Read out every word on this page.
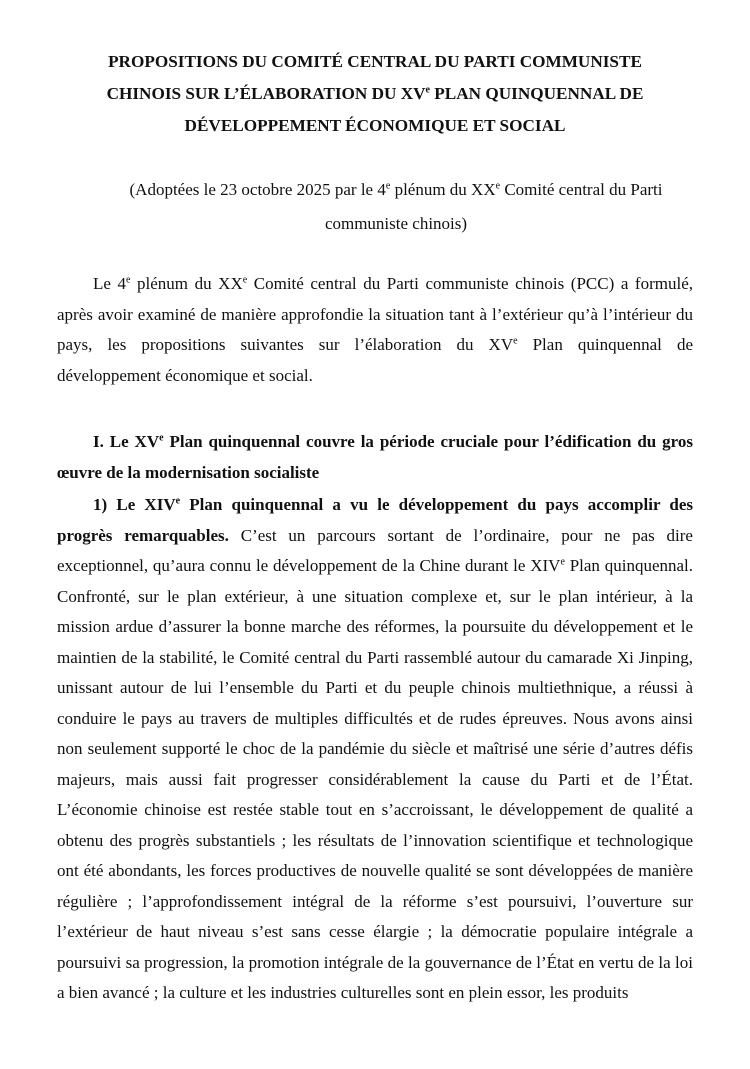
PROPOSITIONS DU COMITÉ CENTRAL DU PARTI COMMUNISTE CHINOIS SUR L’ÉLABORATION DU XVe PLAN QUINQUENNAL DE DÉVELOPPEMENT ÉCONOMIQUE ET SOCIAL

(Adoptées le 23 octobre 2025 par le 4e plénum du XXe Comité central du Parti communiste chinois)

Le 4e plénum du XXe Comité central du Parti communiste chinois (PCC) a formulé, après avoir examiné de manière approfondie la situation tant à l’extérieur qu’à l’intérieur du pays, les propositions suivantes sur l’élaboration du XVe Plan quinquennal de développement économique et social.

I. Le XVe Plan quinquennal couvre la période cruciale pour l’édification du gros œuvre de la modernisation socialiste

1) Le XIVe Plan quinquennal a vu le développement du pays accomplir des progrès remarquables. C’est un parcours sortant de l’ordinaire, pour ne pas dire exceptionnel, qu’aura connu le développement de la Chine durant le XIVe Plan quinquennal. Confronté, sur le plan extérieur, à une situation complexe et, sur le plan intérieur, à la mission ardue d’assurer la bonne marche des réformes, la poursuite du développement et le maintien de la stabilité, le Comité central du Parti rassemblé autour du camarade Xi Jinping, unissant autour de lui l’ensemble du Parti et du peuple chinois multiethnique, a réussi à conduire le pays au travers de multiples difficultés et de rudes épreuves. Nous avons ainsi non seulement supporté le choc de la pandémie du siècle et maîtrisé une série d’autres défis majeurs, mais aussi fait progresser considérablement la cause du Parti et de l’État. L’économie chinoise est restée stable tout en s’accroissant, le développement de qualité a obtenu des progrès substantiels ; les résultats de l’innovation scientifique et technologique ont été abondants, les forces productives de nouvelle qualité se sont développées de manière régulière ; l’approfondissement intégral de la réforme s’est poursuivi, l’ouverture sur l’extérieur de haut niveau s’est sans cesse élargie ; la démocratie populaire intégrale a poursuivi sa progression, la promotion intégrale de la gouvernance de l’État en vertu de la loi a bien avancé ; la culture et les industries culturelles sont en plein essor, les produits
